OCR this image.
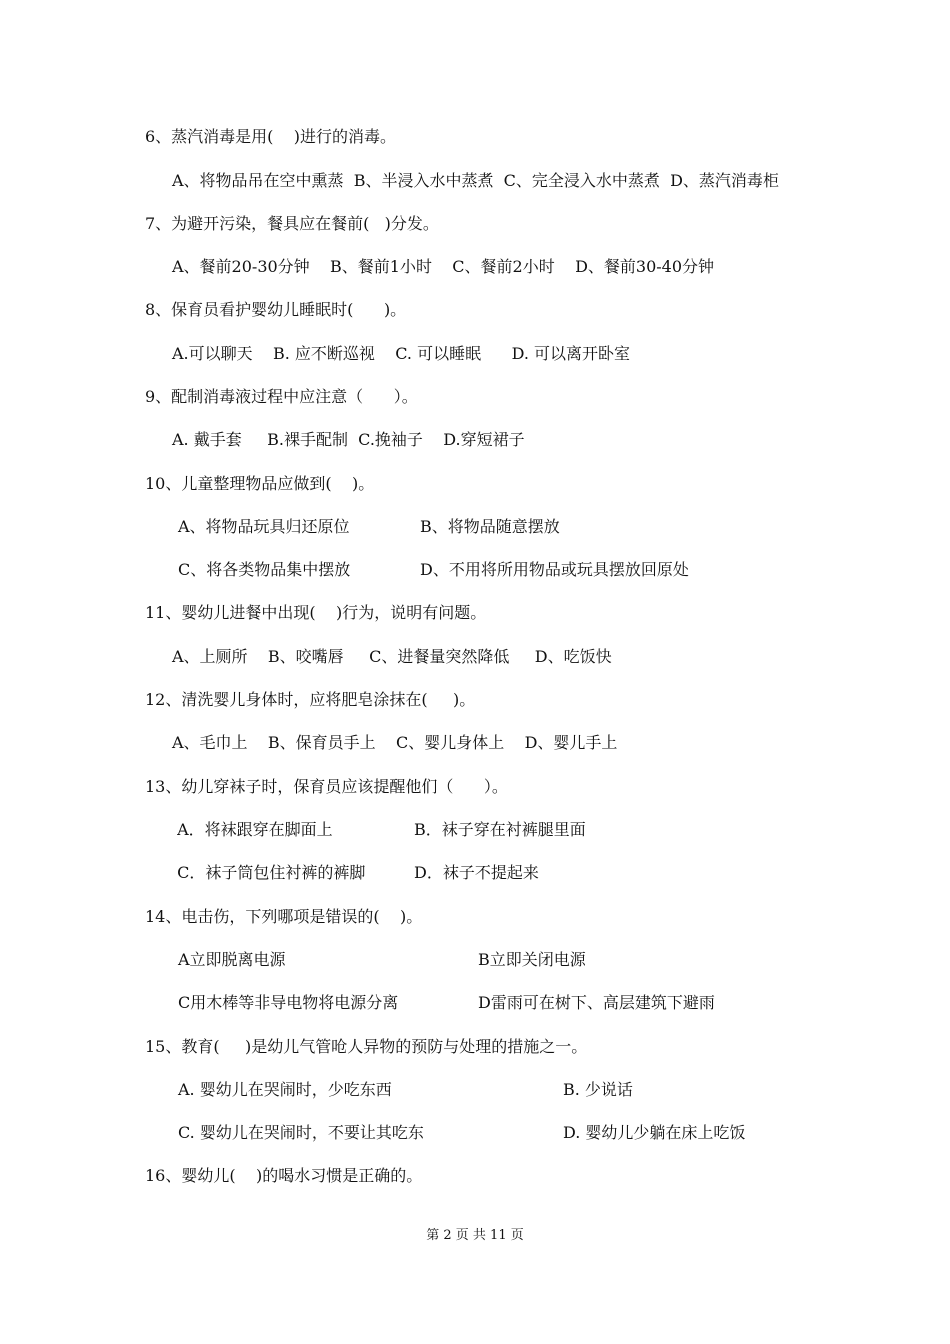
6、蒸汽消毒是用(    )进行的消毒。
A、将物品吊在空中熏蒸  B、半浸入水中蒸煮  C、完全浸入水中蒸煮  D、蒸汽消毒柜
7、为避开污染，餐具应在餐前(   )分发。
A、餐前20-30分钟    B、餐前1小时    C、餐前2小时    D、餐前30-40分钟
8、保育员看护婴幼儿睡眠时(      )。
A.可以聊天    B. 应不断巡视    C. 可以睡眠      D. 可以离开卧室
9、配制消毒液过程中应注意（      ）。
A. 戴手套     B.裸手配制  C.挽袖子    D.穿短裙子
10、儿童整理物品应做到(    )。
A、将物品玩具归还原位	B、将物品随意摆放
C、将各类物品集中摆放	D、不用将所用物品或玩具摆放回原处
11、婴幼儿进餐中出现(    )行为，说明有问题。
A、上厕所    B、咬嘴唇     C、进餐量突然降低     D、吃饭快
12、清洗婴儿身体时，应将肥皂涂抹在(     )。
A、毛巾上    B、保育员手上    C、婴儿身体上    D、婴儿手上
13、幼儿穿袜子时，保育员应该提醒他们（      ）。
A．将袜跟穿在脚面上	B．袜子穿在衬裤腿里面
C．袜子筒包住衬裤的裤脚	D．袜子不提起来
14、电击伤，下列哪项是错误的(    )。
A立即脱离电源	B立即关闭电源
C用木棒等非导电物将电源分离	D雷雨可在树下、高层建筑下避雨
15、教育(     )是幼儿气管呛人异物的预防与处理的措施之一。
A. 婴幼儿在哭闹时，少吃东西	B. 少说话
C. 婴幼儿在哭闹时，不要让其吃东	D. 婴幼儿少躺在床上吃饭
16、婴幼儿(    )的喝水习惯是正确的。
第 2 页 共 11 页
